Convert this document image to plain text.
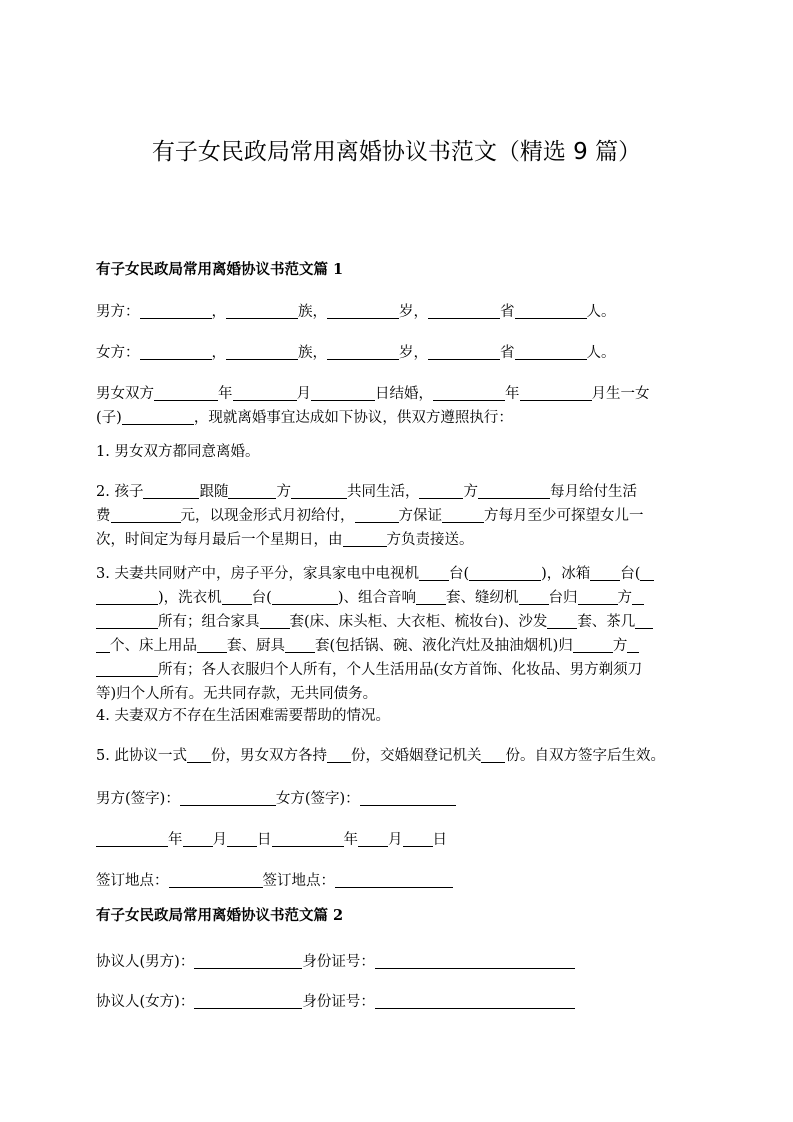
有子女民政局常用离婚协议书范文（精选 9 篇）
有子女民政局常用离婚协议书范文篇 1
男方：	，	族，	岁，	省	人。
女方：	，	族，	岁，	省	人。
男女双方	年	月	日结婚，	年	月生一女
(子)	，现就离婚事宜达成如下协议，供双方遵照执行：
1. 男女双方都同意离婚。
2. 孩子	跟随	方	共同生活，	方	每月给付生活
费	元，以现金形式月初给付，	方保证	方每月至少可探望女儿一
次，时间定为每月最后一个星期日，由	方负责接送。
3. 夫妻共同财产中，房子平分，家具家电中电视机 台(	)，冰箱 台(
)，洗衣机 台(	)、组合音响 套、缝纫机 台归	方
所有；组合家具 套(床、床头柜、大衣柜、梳妆台)、沙发 套、茶几
个、床上用品 套、厨具 套(包括锅、碗、液化汽灶及抽油烟机)归	方
所有；各人衣服归个人所有，个人生活用品(女方首饰、化妆品、男方剃须刀
等)归个人所有。无共同存款，无共同债务。
4. 夫妻双方不存在生活困难需要帮助的情况。
5. 此协议一式 份，男女双方各持 份，交婚姻登记机关 份。自双方签字后生效。
男方(签字)：	女方(签字)：
年 月 日	年 月 日
签订地点：	签订地点：
有子女民政局常用离婚协议书范文篇 2
协议人(男方)：	身份证号：
协议人(女方)：	身份证号：
